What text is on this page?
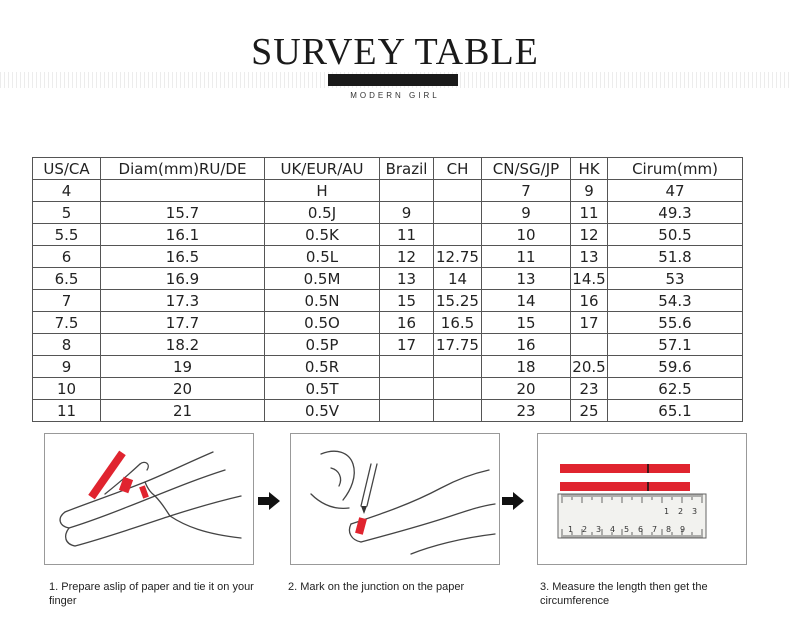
SURVEY TABLE
MODERN GIRL
US/CA	Diam(mm)RU/DE	UK/EUR/AU	Brazil	CH	CN/SG/JP	HK	Cirum(mm)
4		H			7	9	47
5	15.7	0.5J	9		9	11	49.3
5.5	16.1	0.5K	11		10	12	50.5
6	16.5	0.5L	12	12.75	11	13	51.8
6.5	16.9	0.5M	13	14	13	14.5	53
7	17.3	0.5N	15	15.25	14	16	54.3
7.5	17.7	0.5O	16	16.5	15	17	55.6
8	18.2	0.5P	17	17.75	16		57.1
9	19	0.5R			18	20.5	59.6
10	20	0.5T			20	23	62.5
11	21	0.5V			23	25	65.1
1 2 3 4 5 6 7 8 9
1 2 3
1. Prepare aslip of paper and tie it on your finger
2. Mark on the junction on the paper	3. Measure the length then get the circumference
